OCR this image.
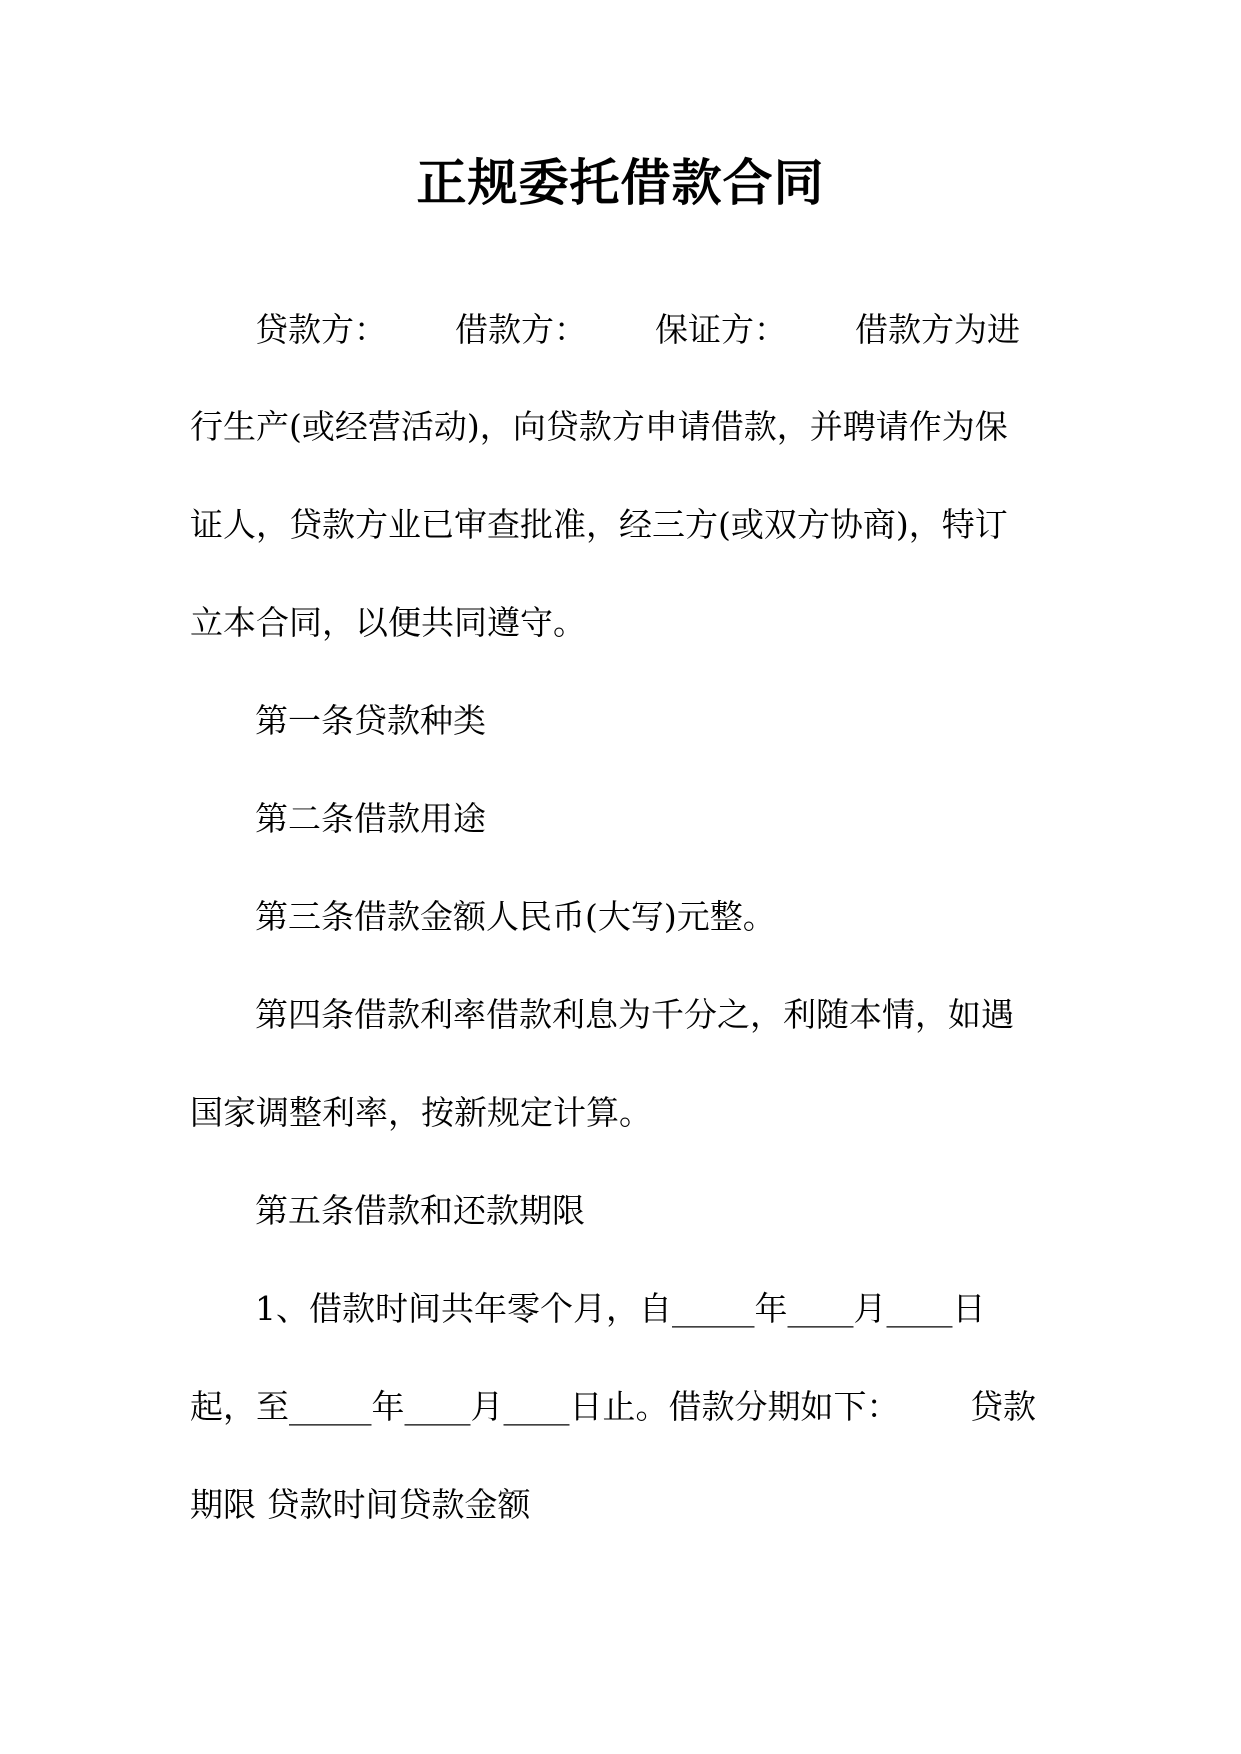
正规委托借款合同
贷款方： 借款方： 保证方： 借款方为进
行生产(或经营活动)，向贷款方申请借款，并聘请作为保
证人，贷款方业已审查批准，经三方(或双方协商)，特订
立本合同，以便共同遵守。
第一条贷款种类
第二条借款用途
第三条借款金额人民币(大写)元整。
第四条借款利率借款利息为千分之，利随本情，如遇
国家调整利率，按新规定计算。
第五条借款和还款期限
1、借款时间共年零个月，自_____年____月____日
起，至_____年____月____日止。借款分期如下： 贷款
期限 贷款时间贷款金额
